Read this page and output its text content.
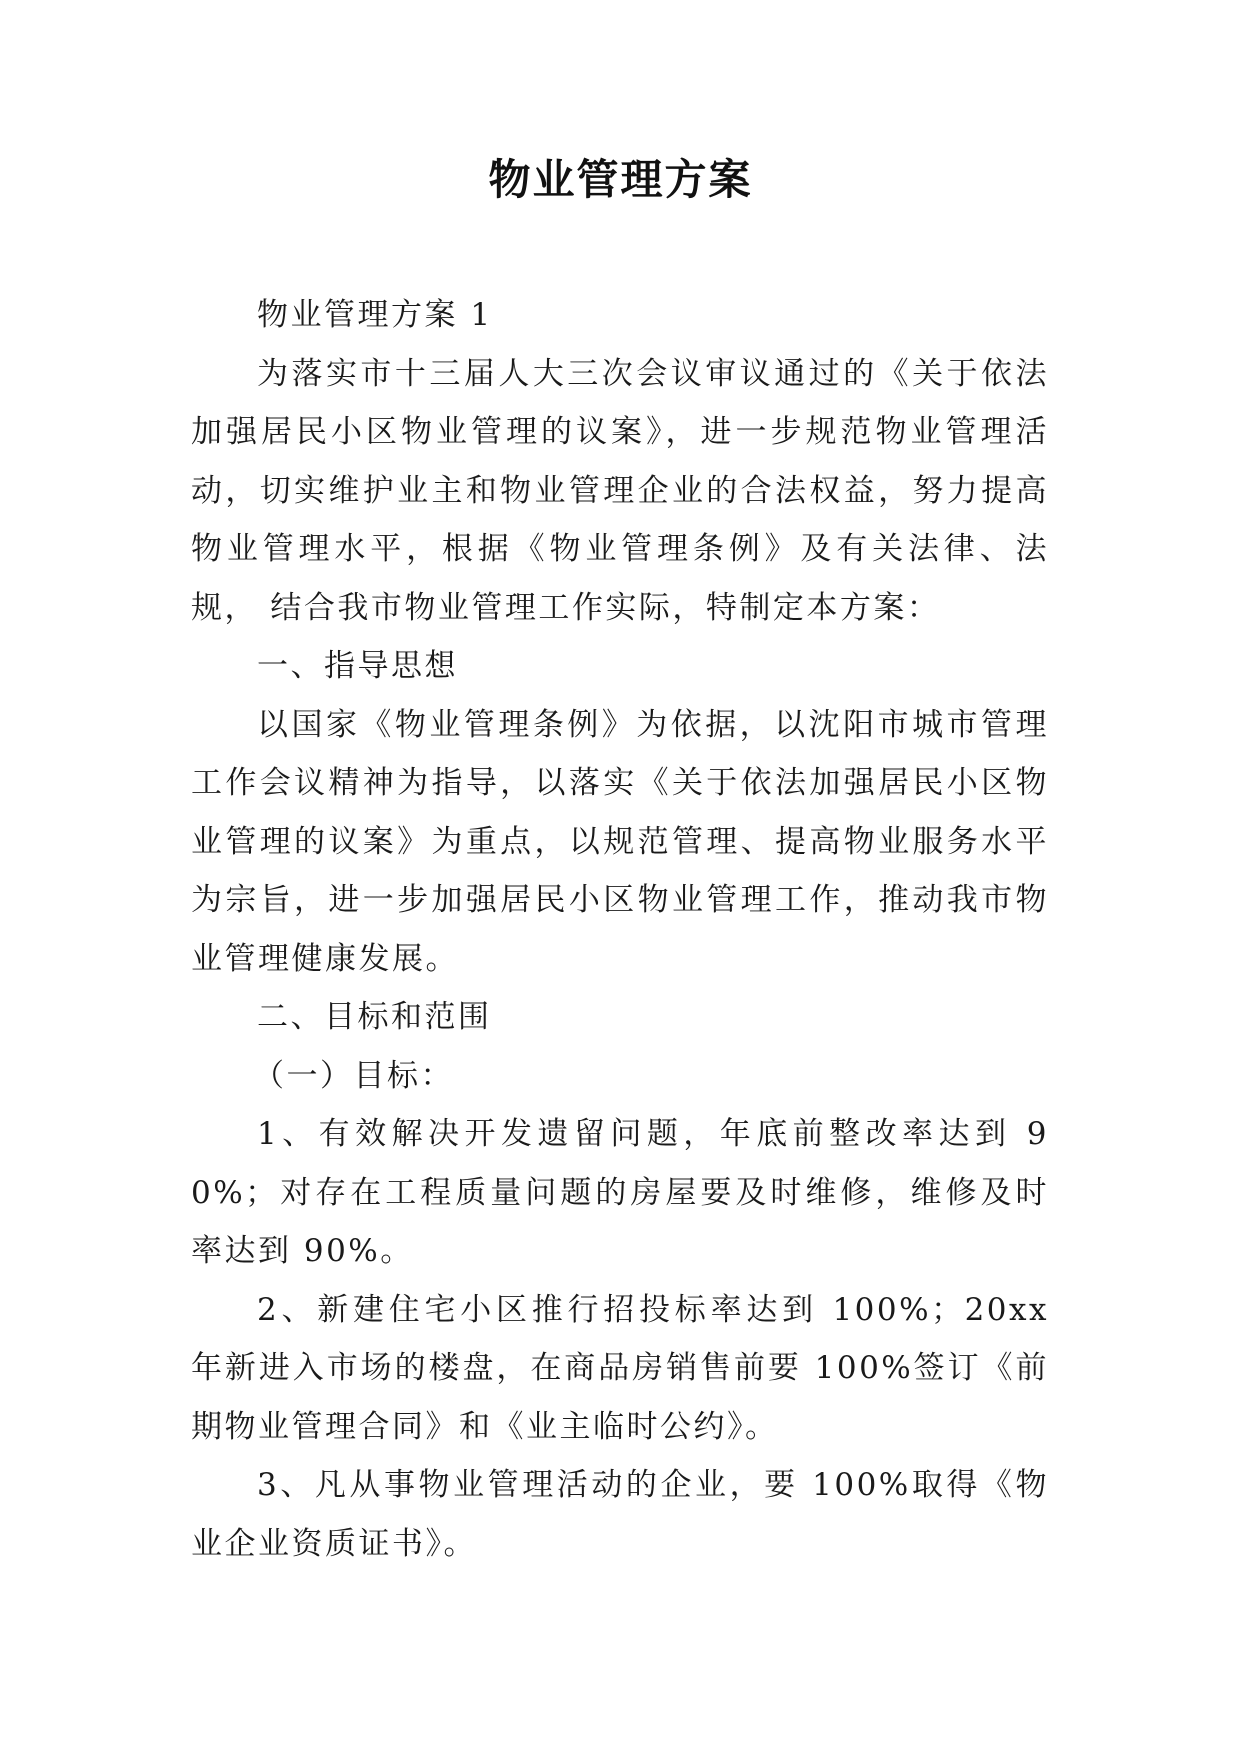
物业管理方案

物业管理方案 1

为落实市十三届人大三次会议审议通过的《关于依法加强居民小区物业管理的议案》，进一步规范物业管理活动，切实维护业主和物业管理企业的合法权益，努力提高物业管理水平，根据《物业管理条例》及有关法律、法规， 结合我市物业管理工作实际，特制定本方案：

一、指导思想

以国家《物业管理条例》为依据，以沈阳市城市管理工作会议精神为指导，以落实《关于依法加强居民小区物业管理的议案》为重点，以规范管理、提高物业服务水平为宗旨，进一步加强居民小区物业管理工作，推动我市物业管理健康发展。

二、目标和范围

（一）目标：

1、有效解决开发遗留问题，年底前整改率达到 90%；对存在工程质量问题的房屋要及时维修，维修及时率达到 90%。

2、新建住宅小区推行招投标率达到 100%；20xx 年新进入市场的楼盘，在商品房销售前要 100%签订《前期物业管理合同》和《业主临时公约》。

3、凡从事物业管理活动的企业，要 100%取得《物业企业资质证书》。
